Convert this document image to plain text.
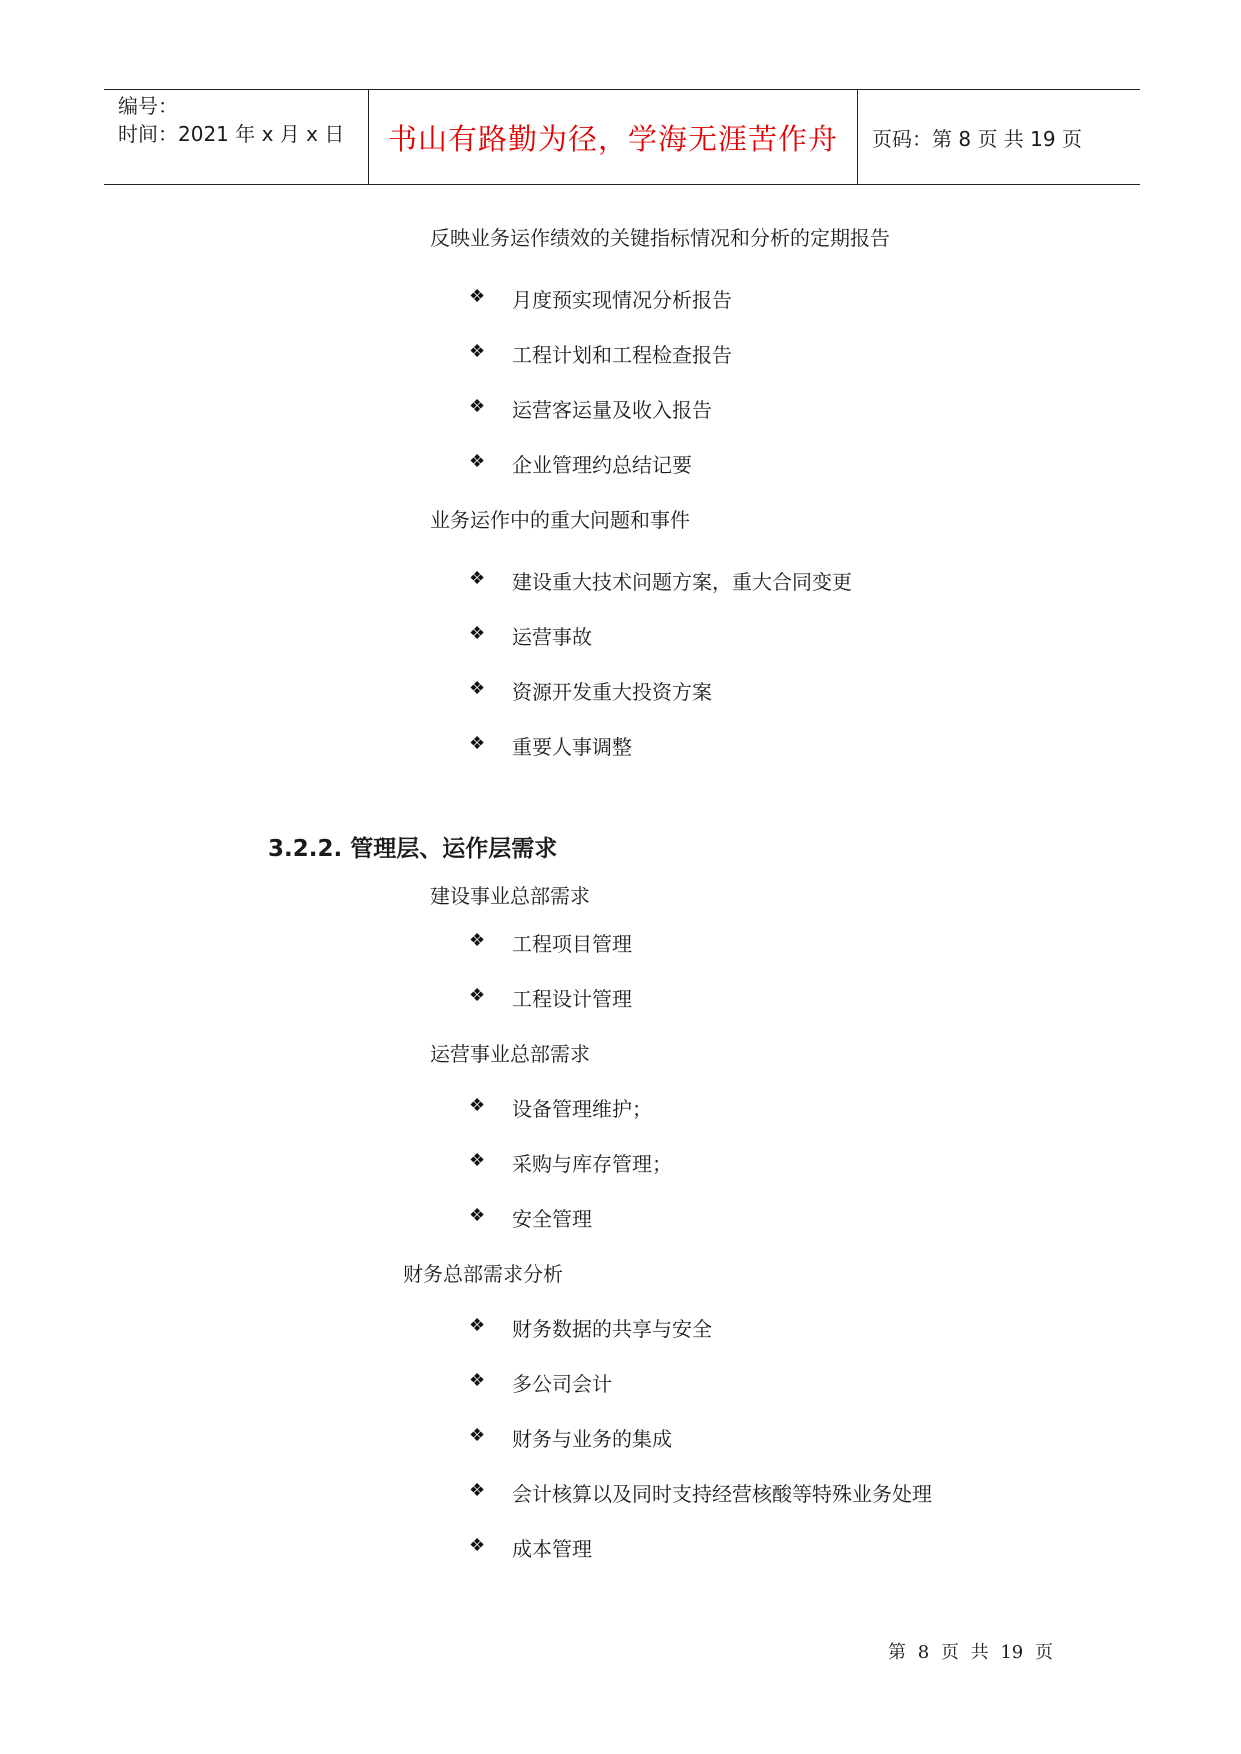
编号：
时间：2021 年 x 月 x 日	书山有路勤为径，学海无涯苦作舟 页码：第 8 页 共 19 页
反映业务运作绩效的关键指标情况和分析的定期报告
❖ 月度预实现情况分析报告
❖ 工程计划和工程检查报告
❖ 运营客运量及收入报告
❖ 企业管理约总结记要
业务运作中的重大问题和事件
❖ 建设重大技术问题方案，重大合同变更
❖ 运营事故
❖ 资源开发重大投资方案
❖ 重要人事调整
3.2.2. 管理层、运作层需求
建设事业总部需求
❖ 工程项目管理
❖ 工程设计管理
运营事业总部需求
❖ 设备管理维护；
❖ 采购与库存管理；
❖ 安全管理
财务总部需求分析
❖ 财务数据的共享与安全
❖ 多公司会计
❖ 财务与业务的集成
❖ 会计核算以及同时支持经营核酸等特殊业务处理
❖ 成本管理
第 8 页 共 19 页
